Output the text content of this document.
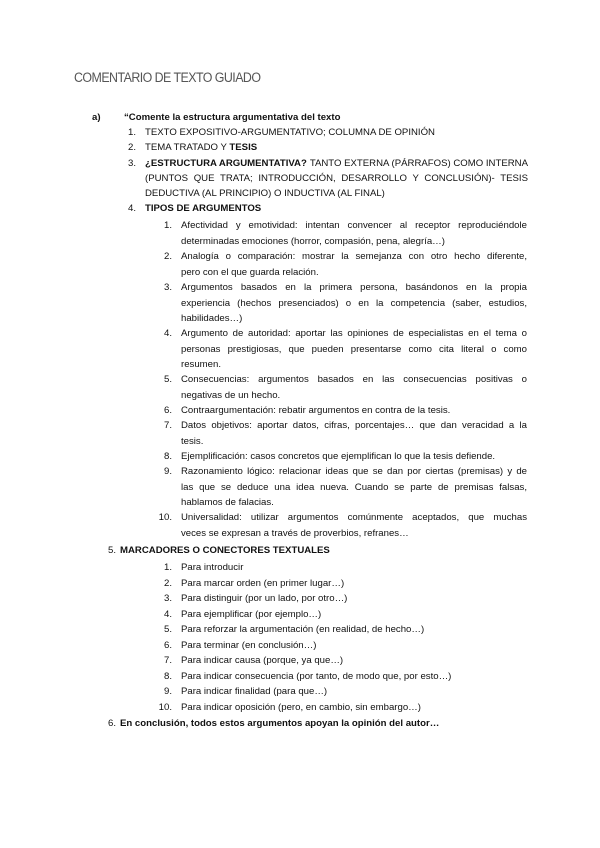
COMENTARIO DE TEXTO GUIADO
a) “Comente la estructura argumentativa del texto
1. TEXTO EXPOSITIVO-ARGUMENTATIVO; COLUMNA DE OPINIÓN
2. TEMA TRATADO Y TESIS
3. ¿ESTRUCTURA ARGUMENTATIVA? TANTO EXTERNA (PÁRRAFOS) COMO INTERNA
(PUNTOS QUE TRATA; INTRODUCCIÓN, DESARROLLO Y CONCLUSIÓN)- TESIS
DEDUCTIVA (AL PRINCIPIO) O INDUCTIVA (AL FINAL)
4. TIPOS DE ARGUMENTOS
1. Afectividad y emotividad: intentan convencer al receptor reproduciéndole
determinadas emociones (horror, compasión, pena, alegría…)
2. Analogía o comparación: mostrar la semejanza con otro hecho diferente,
pero con el que guarda relación.
3. Argumentos basados en la primera persona, basándonos en la propia
experiencia (hechos presenciados) o en la competencia (saber, estudios,
habilidades…)
4. Argumento de autoridad: aportar las opiniones de especialistas en el tema o
personas prestigiosas, que pueden presentarse como cita literal o como
resumen.
5. Consecuencias: argumentos basados en las consecuencias positivas o
negativas de un hecho.
6. Contraargumentación: rebatir argumentos en contra de la tesis.
7. Datos objetivos: aportar datos, cifras, porcentajes… que dan veracidad a la
tesis.
8. Ejemplificación: casos concretos que ejemplifican lo que la tesis defiende.
9. Razonamiento lógico: relacionar ideas que se dan por ciertas (premisas) y de
las que se deduce una idea nueva. Cuando se parte de premisas falsas,
hablamos de falacias.
10. Universalidad: utilizar argumentos comúnmente aceptados, que muchas
veces se expresan a través de proverbios, refranes…
5. MARCADORES O CONECTORES TEXTUALES
1. Para introducir
2. Para marcar orden (en primer lugar…)
3. Para distinguir (por un lado, por otro…)
4. Para ejemplificar (por ejemplo…)
5. Para reforzar la argumentación (en realidad, de hecho…)
6. Para terminar (en conclusión…)
7. Para indicar causa (porque, ya que…)
8. Para indicar consecuencia (por tanto, de modo que, por esto…)
9. Para indicar finalidad (para que…)
10. Para indicar oposición (pero, en cambio, sin embargo…)
6. En conclusión, todos estos argumentos apoyan la opinión del autor…
